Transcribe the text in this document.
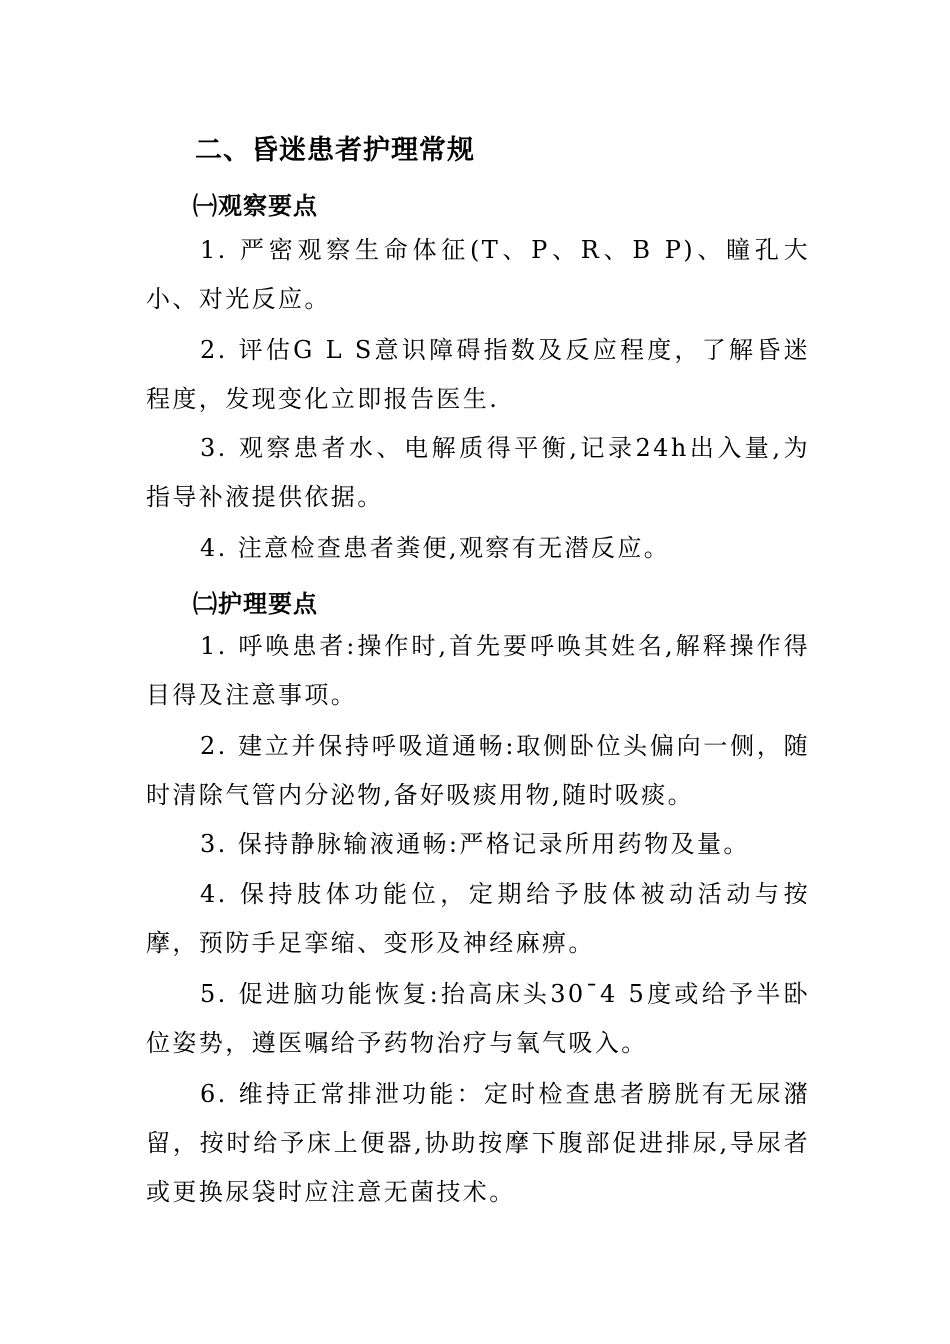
二、昏迷患者护理常规
㈠观察要点

1. 严密观察生命体征(T、P、R、B P)、瞳孔大小、对光反应。

2. 评估G L S意识障碍指数及反应程度，了解昏迷程度，发现变化立即报告医生.

3. 观察患者水、电解质得平衡,记录24h出入量,为指导补液提供依据。

4. 注意检查患者粪便,观察有无潜反应。

㈡护理要点

1. 呼唤患者:操作时,首先要呼唤其姓名,解释操作得目得及注意事项。

2. 建立并保持呼吸道通畅:取侧卧位头偏向一侧，随时清除气管内分泌物,备好吸痰用物,随时吸痰。

3. 保持静脉输液通畅:严格记录所用药物及量。

4. 保持肢体功能位，定期给予肢体被动活动与按摩，预防手足挛缩、变形及神经麻痹。

5. 促进脑功能恢复:抬高床头30¯4 5度或给予半卧位姿势，遵医嘱给予药物治疗与氧气吸入。

6. 维持正常排泄功能：定时检查患者膀胱有无尿潴留，按时给予床上便器,协助按摩下腹部促进排尿,导尿者或更换尿袋时应注意无菌技术。
